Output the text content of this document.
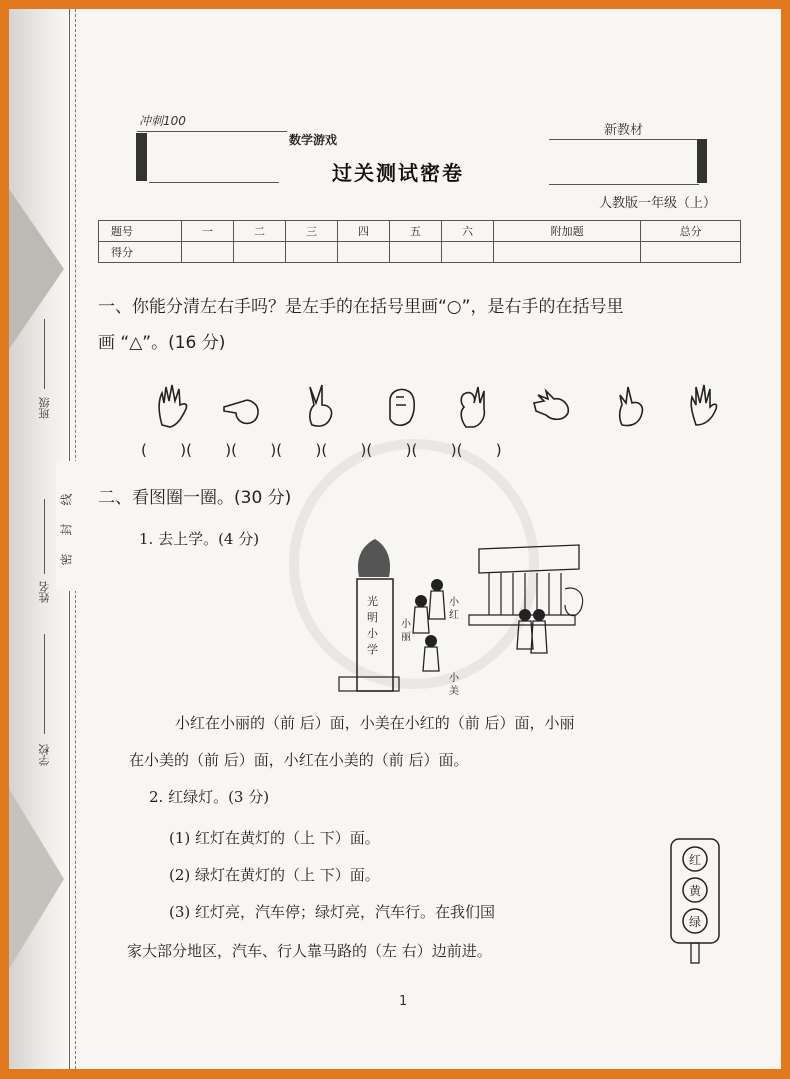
班级
姓名
学校
线
封
密
冲刺100
数学游戏
过关测试密卷
新教材
人教版一年级（上）
题号	一	二	三	四	五	六	附加题	总分
得分								
一、你能分清左右手吗？是左手的在括号里画“○”，是右手的在括号里
画 “△”。(16 分)
(       )(       )(       )(       )(       )(       )(       )(       )
二、看图圈一圈。(30 分)
1. 去上学。(4 分)
光
明
小
学
小
红
小
丽
小
美
小红在小丽的（前 后）面，小美在小红的（前 后）面，小丽
在小美的（前 后）面，小红在小美的（前 后）面。
2. 红绿灯。(3 分)
(1) 红灯在黄灯的（上 下）面。
(2) 绿灯在黄灯的（上 下）面。
(3) 红灯亮，汽车停；绿灯亮，汽车行。在我们国
家大部分地区，汽车、行人靠马路的（左 右）边前进。
红
黄
绿
1
